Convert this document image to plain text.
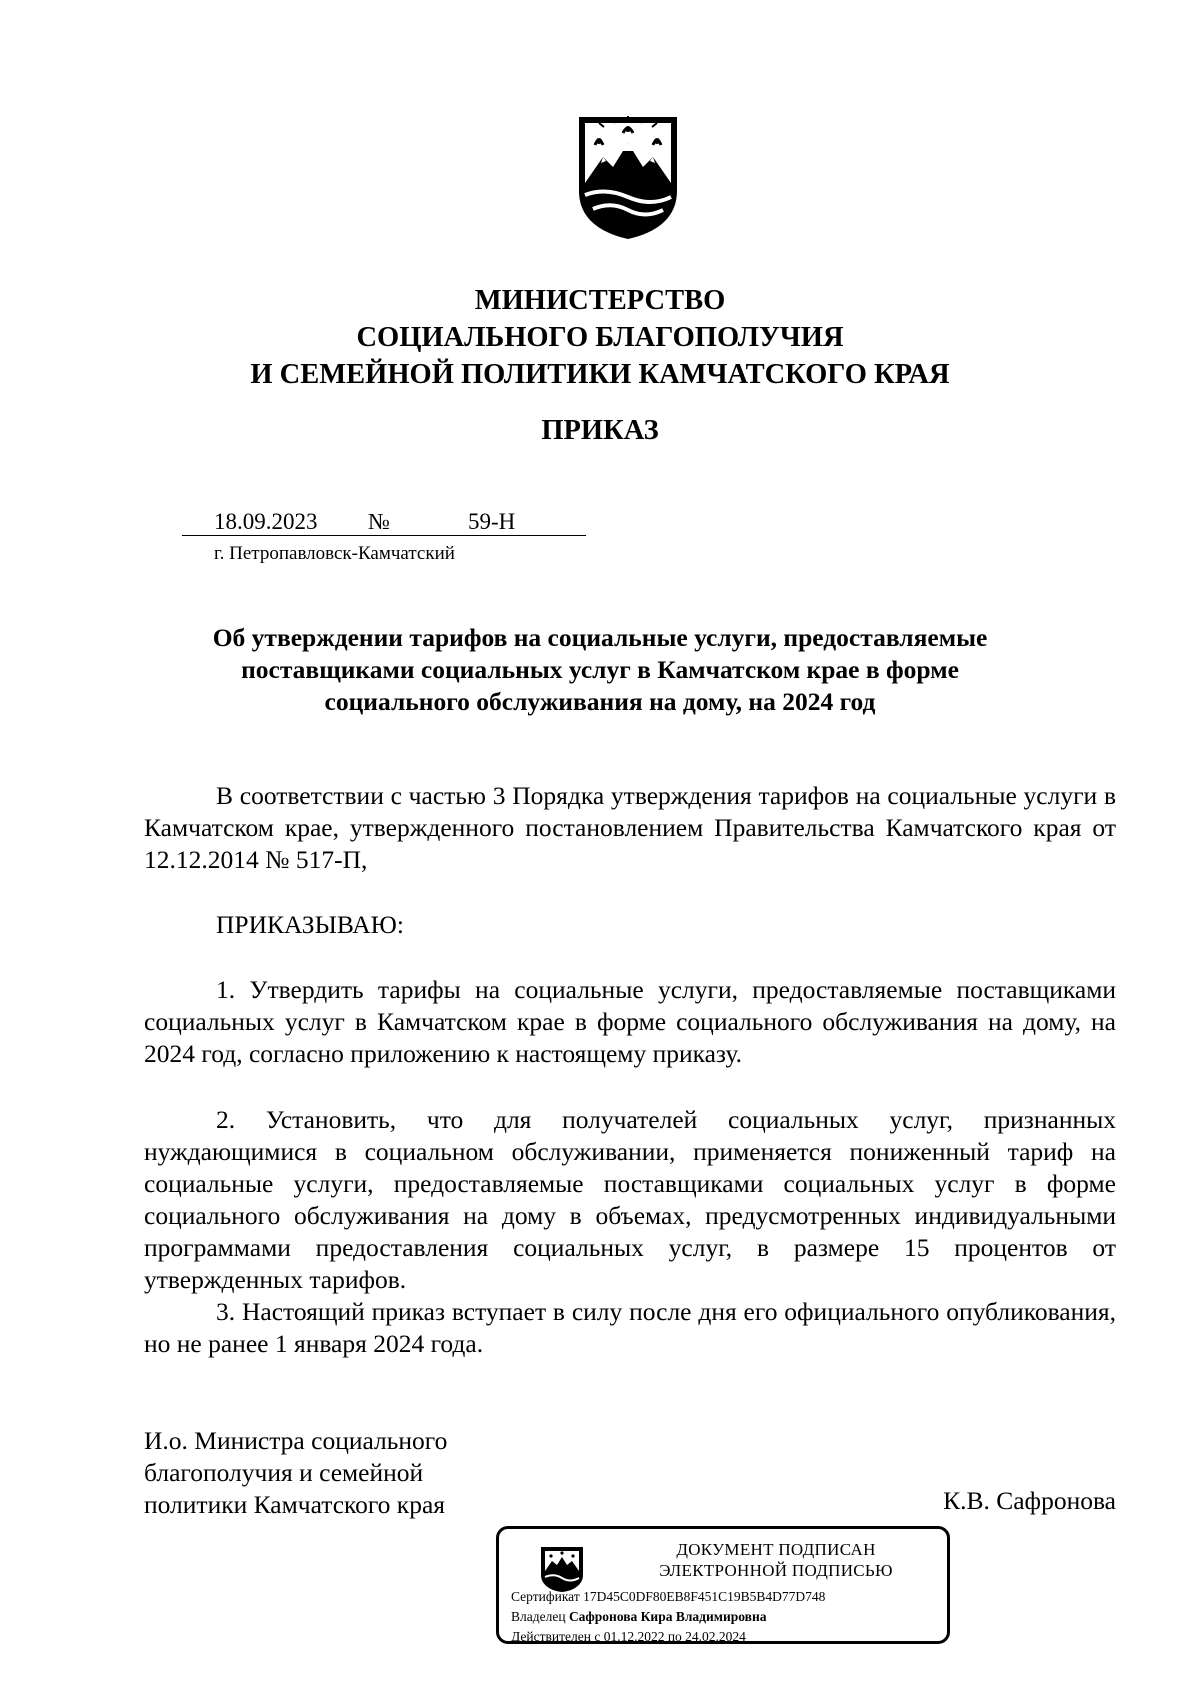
МИНИСТЕРСТВО
СОЦИАЛЬНОГО БЛАГОПОЛУЧИЯ
И СЕМЕЙНОЙ ПОЛИТИКИ КАМЧАТСКОГО КРАЯ
ПРИКАЗ
18.09.2023 №	59-Н
г. Петропавловск-Камчатский
Об утверждении тарифов на социальные услуги, предоставляемые
поставщиками социальных услуг в Камчатском крае в форме
социального обслуживания на дому, на 2024 год
В соответствии с частью 3 Порядка утверждения тарифов на социальные услуги в Камчатском крае, утвержденного постановлением Правительства Камчатского края от 12.12.2014 № 517-П,
ПРИКАЗЫВАЮ:
1. Утвердить тарифы на социальные услуги, предоставляемые поставщиками социальных услуг в Камчатском крае в форме социального обслуживания на дому, на 2024 год, согласно приложению к настоящему приказу.
2. Установить, что для получателей социальных услуг, признанных нуждающимися в социальном обслуживании, применяется пониженный тариф на социальные услуги, предоставляемые поставщиками социальных услуг в форме социального обслуживания на дому в объемах, предусмотренных индивидуальными программами предоставления социальных услуг, в размере 15 процентов от утвержденных тарифов.
3. Настоящий приказ вступает в силу после дня его официального опубликования, но не ранее 1 января 2024 года.
И.о. Министра социального
благополучия и семейной
политики Камчатского края	К.В. Сафронова
ДОКУМЕНТ ПОДПИСАН
ЭЛЕКТРОННОЙ ПОДПИСЬЮ
Сертификат 17D45C0DF80EB8F451C19B5B4D77D748
Владелец Сафронова Кира Владимировна
Действителен с 01.12.2022 по 24.02.2024
